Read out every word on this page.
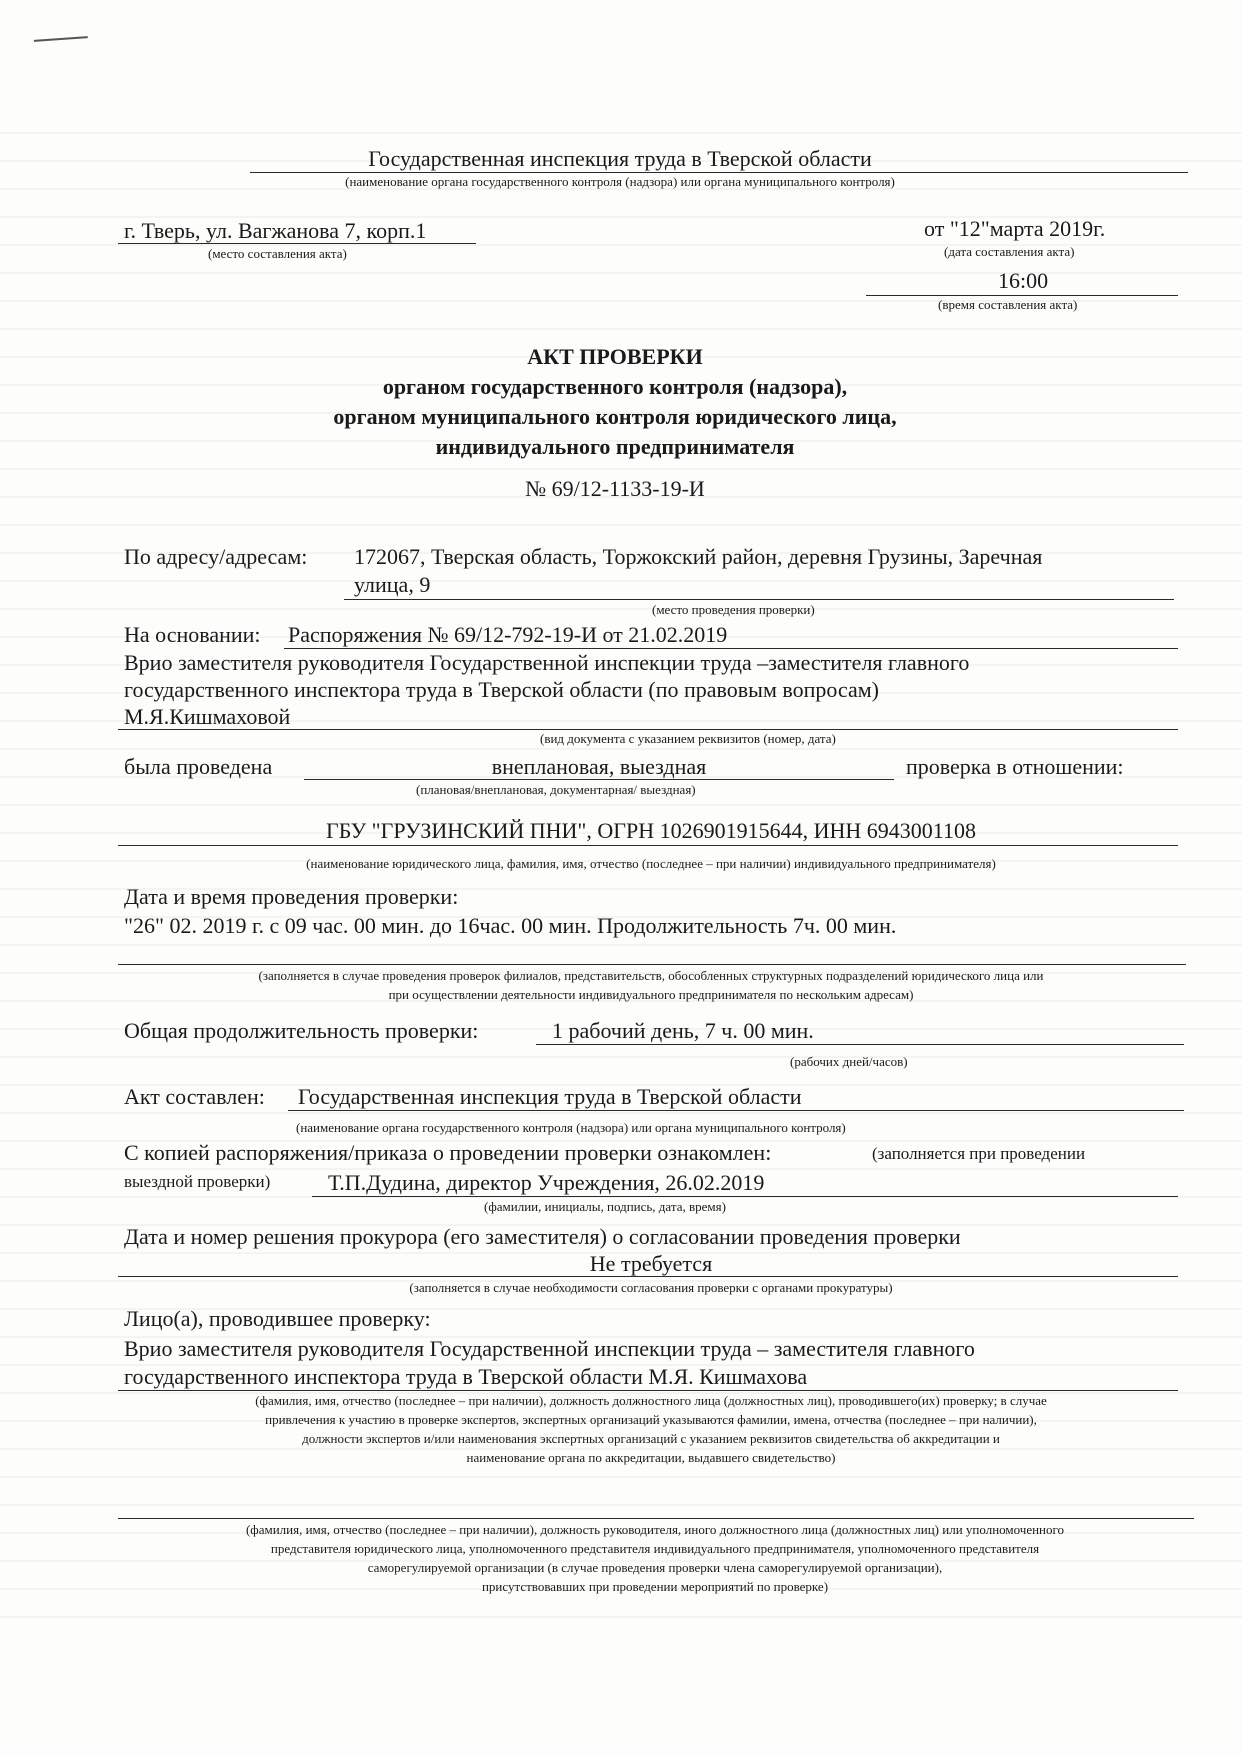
Государственная инспекция труда в Тверской области
(наименование органа государственного контроля (надзора) или органа муниципального контроля)
г. Тверь, ул. Вагжанова 7, корп.1
(место составления акта)
от "12"марта 2019г.
(дата составления акта)
16:00
(время составления акта)
АКТ ПРОВЕРКИ
органом государственного контроля (надзора),
органом муниципального контроля юридического лица,
индивидуального предпринимателя
№ 69/12-1133-19-И
По адресу/адресам: 172067, Тверская область, Торжокский район, деревня Грузины, Заречная
улица, 9
(место проведения проверки)
На основании: Распоряжения № 69/12-792-19-И от 21.02.2019
Врио заместителя руководителя Государственной инспекции труда –заместителя главного
государственного инспектора труда в Тверской области (по правовым вопросам)
М.Я.Кишмаховой
(вид документа с указанием реквизитов (номер, дата)
была проведена	внеплановая, выездная	проверка в отношении:
(плановая/внеплановая, документарная/ выездная)
ГБУ "ГРУЗИНСКИЙ ПНИ", ОГРН 1026901915644, ИНН 6943001108
(наименование юридического лица, фамилия, имя, отчество (последнее – при наличии) индивидуального предпринимателя)
Дата и время проведения проверки:
"26" 02. 2019 г. с 09 час. 00 мин. до 16час. 00 мин. Продолжительность 7ч. 00 мин.
(заполняется в случае проведения проверок филиалов, представительств, обособленных структурных подразделений юридического лица или
при осуществлении деятельности индивидуального предпринимателя по нескольким адресам)
Общая продолжительность проверки:	1 рабочий день, 7 ч. 00 мин.
(рабочих дней/часов)
Акт составлен: Государственная инспекция труда в Тверской области
(наименование органа государственного контроля (надзора) или органа муниципального контроля)
С копией распоряжения/приказа о проведении проверки ознакомлен:	(заполняется при проведении
выездной проверки)	Т.П.Дудина, директор Учреждения, 26.02.2019
(фамилии, инициалы, подпись, дата, время)
Дата и номер решения прокурора (его заместителя) о согласовании проведения проверки
Не требуется
(заполняется в случае необходимости согласования проверки с органами прокуратуры)
Лицо(а), проводившее проверку:
Врио заместителя руководителя Государственной инспекции труда – заместителя главного
государственного инспектора труда в Тверской области М.Я. Кишмахова
(фамилия, имя, отчество (последнее – при наличии), должность должностного лица (должностных лиц), проводившего(их) проверку; в случае
привлечения к участию в проверке экспертов, экспертных организаций указываются фамилии, имена, отчества (последнее – при наличии),
должности экспертов и/или наименования экспертных организаций с указанием реквизитов свидетельства об аккредитации и
наименование органа по аккредитации, выдавшего свидетельство)
(фамилия, имя, отчество (последнее – при наличии), должность руководителя, иного должностного лица (должностных лиц) или уполномоченного
представителя юридического лица, уполномоченного представителя индивидуального предпринимателя, уполномоченного представителя
саморегулируемой организации (в случае проведения проверки члена саморегулируемой организации),
присутствовавших при проведении мероприятий по проверке)
